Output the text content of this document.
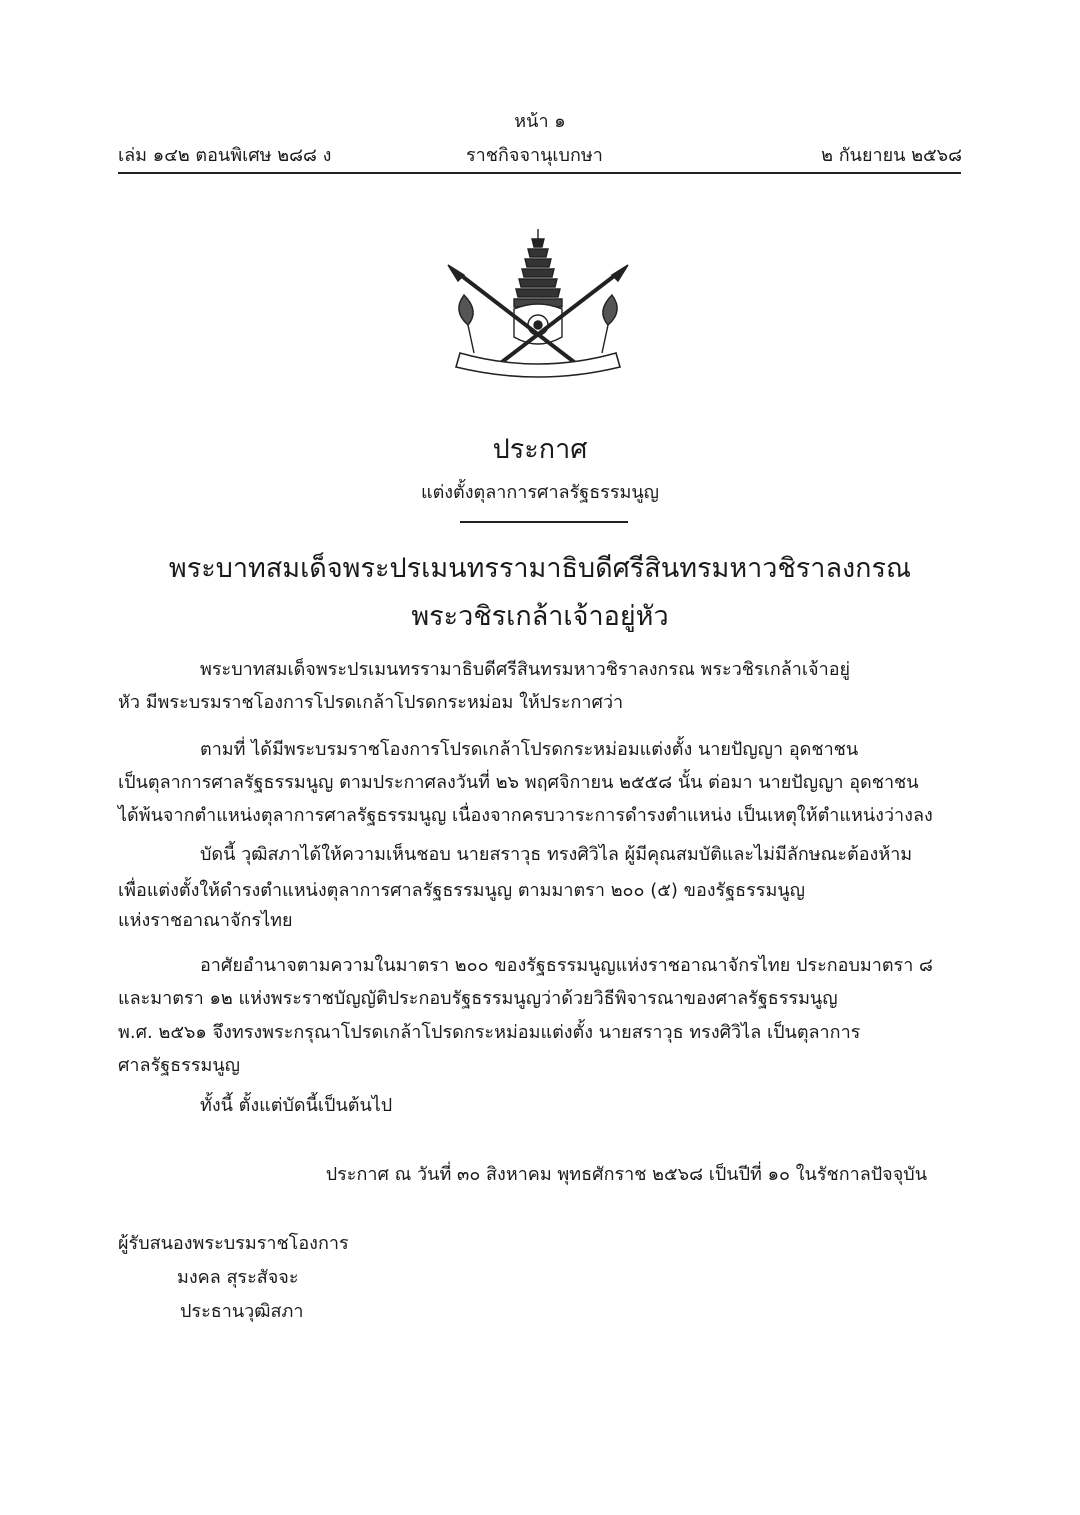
หน้า ๑
เล่ม ๑๔๒ ตอนพิเศษ ๒๘๘ ง	ราชกิจจานุเบกษา	๒ กันยายน ๒๕๖๘
ประกาศ
แต่งตั้งตุลาการศาลรัฐธรรมนูญ
พระบาทสมเด็จพระปรเมนทรรามาธิบดีศรีสินทรมหาวชิราลงกรณ
พระวชิรเกล้าเจ้าอยู่หัว
พระบาทสมเด็จพระปรเมนทรรามาธิบดีศรีสินทรมหาวชิราลงกรณ พระวชิรเกล้าเจ้าอยู่
หัว มีพระบรมราชโองการโปรดเกล้าโปรดกระหม่อม ให้ประกาศว่า
ตามที่ ได้มีพระบรมราชโองการโปรดเกล้าโปรดกระหม่อมแต่งตั้ง นายปัญญา อุดชาชน
เป็นตุลาการศาลรัฐธรรมนูญ ตามประกาศลงวันที่ ๒๖ พฤศจิกายน ๒๕๕๘ นั้น ต่อมา นายปัญญา อุดชาชน
ได้พ้นจากตำแหน่งตุลาการศาลรัฐธรรมนูญ เนื่องจากครบวาระการดำรงตำแหน่ง เป็นเหตุให้ตำแหน่งว่างลง
บัดนี้ วุฒิสภาได้ให้ความเห็นชอบ นายสราวุธ ทรงศิวิไล ผู้มีคุณสมบัติและไม่มีลักษณะต้องห้าม
เพื่อแต่งตั้งให้ดำรงตำแหน่งตุลาการศาลรัฐธรรมนูญ ตามมาตรา ๒๐๐ (๕) ของรัฐธรรมนูญ
แห่งราชอาณาจักรไทย
อาศัยอำนาจตามความในมาตรา ๒๐๐ ของรัฐธรรมนูญแห่งราชอาณาจักรไทย ประกอบมาตรา ๘
และมาตรา ๑๒ แห่งพระราชบัญญัติประกอบรัฐธรรมนูญว่าด้วยวิธีพิจารณาของศาลรัฐธรรมนูญ
พ.ศ. ๒๕๖๑ จึงทรงพระกรุณาโปรดเกล้าโปรดกระหม่อมแต่งตั้ง นายสราวุธ ทรงศิวิไล เป็นตุลาการ
ศาลรัฐธรรมนูญ
ทั้งนี้ ตั้งแต่บัดนี้เป็นต้นไป
ประกาศ ณ วันที่ ๓๐ สิงหาคม พุทธศักราช ๒๕๖๘ เป็นปีที่ ๑๐ ในรัชกาลปัจจุบัน
ผู้รับสนองพระบรมราชโองการ
มงคล สุระสัจจะ
ประธานวุฒิสภา
